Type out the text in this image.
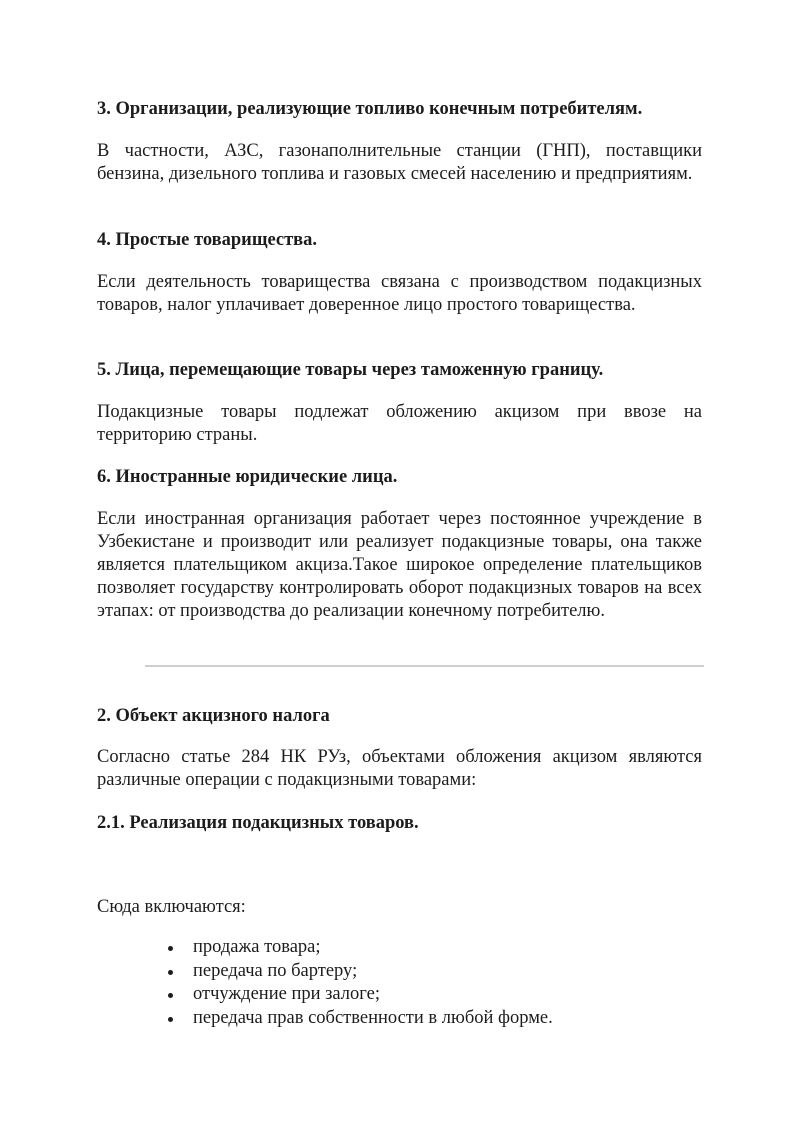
3. Организации, реализующие топливо конечным потребителям.

В частности, АЗС, газонаполнительные станции (ГНП), поставщики бензина, дизельного топлива и газовых смесей населению и предприятиям.

4. Простые товарищества.

Если деятельность товарищества связана с производством подакцизных товаров, налог уплачивает доверенное лицо простого товарищества.

5. Лица, перемещающие товары через таможенную границу.

Подакцизные товары подлежат обложению акцизом при ввозе на территорию страны.

6. Иностранные юридические лица.

Если иностранная организация работает через постоянное учреждение в Узбекистане и производит или реализует подакцизные товары, она также является плательщиком акциза.Такое широкое определение плательщиков позволяет государству контролировать оборот подакцизных товаров на всех этапах: от производства до реализации конечному потребителю.

2. Объект акцизного налога

Согласно статье 284 НК РУз, объектами обложения акцизом являются различные операции с подакцизными товарами:

2.1. Реализация подакцизных товаров.

Сюда включаются:

продажа товара;
передача по бартеру;
отчуждение при залоге;
передача прав собственности в любой форме.
